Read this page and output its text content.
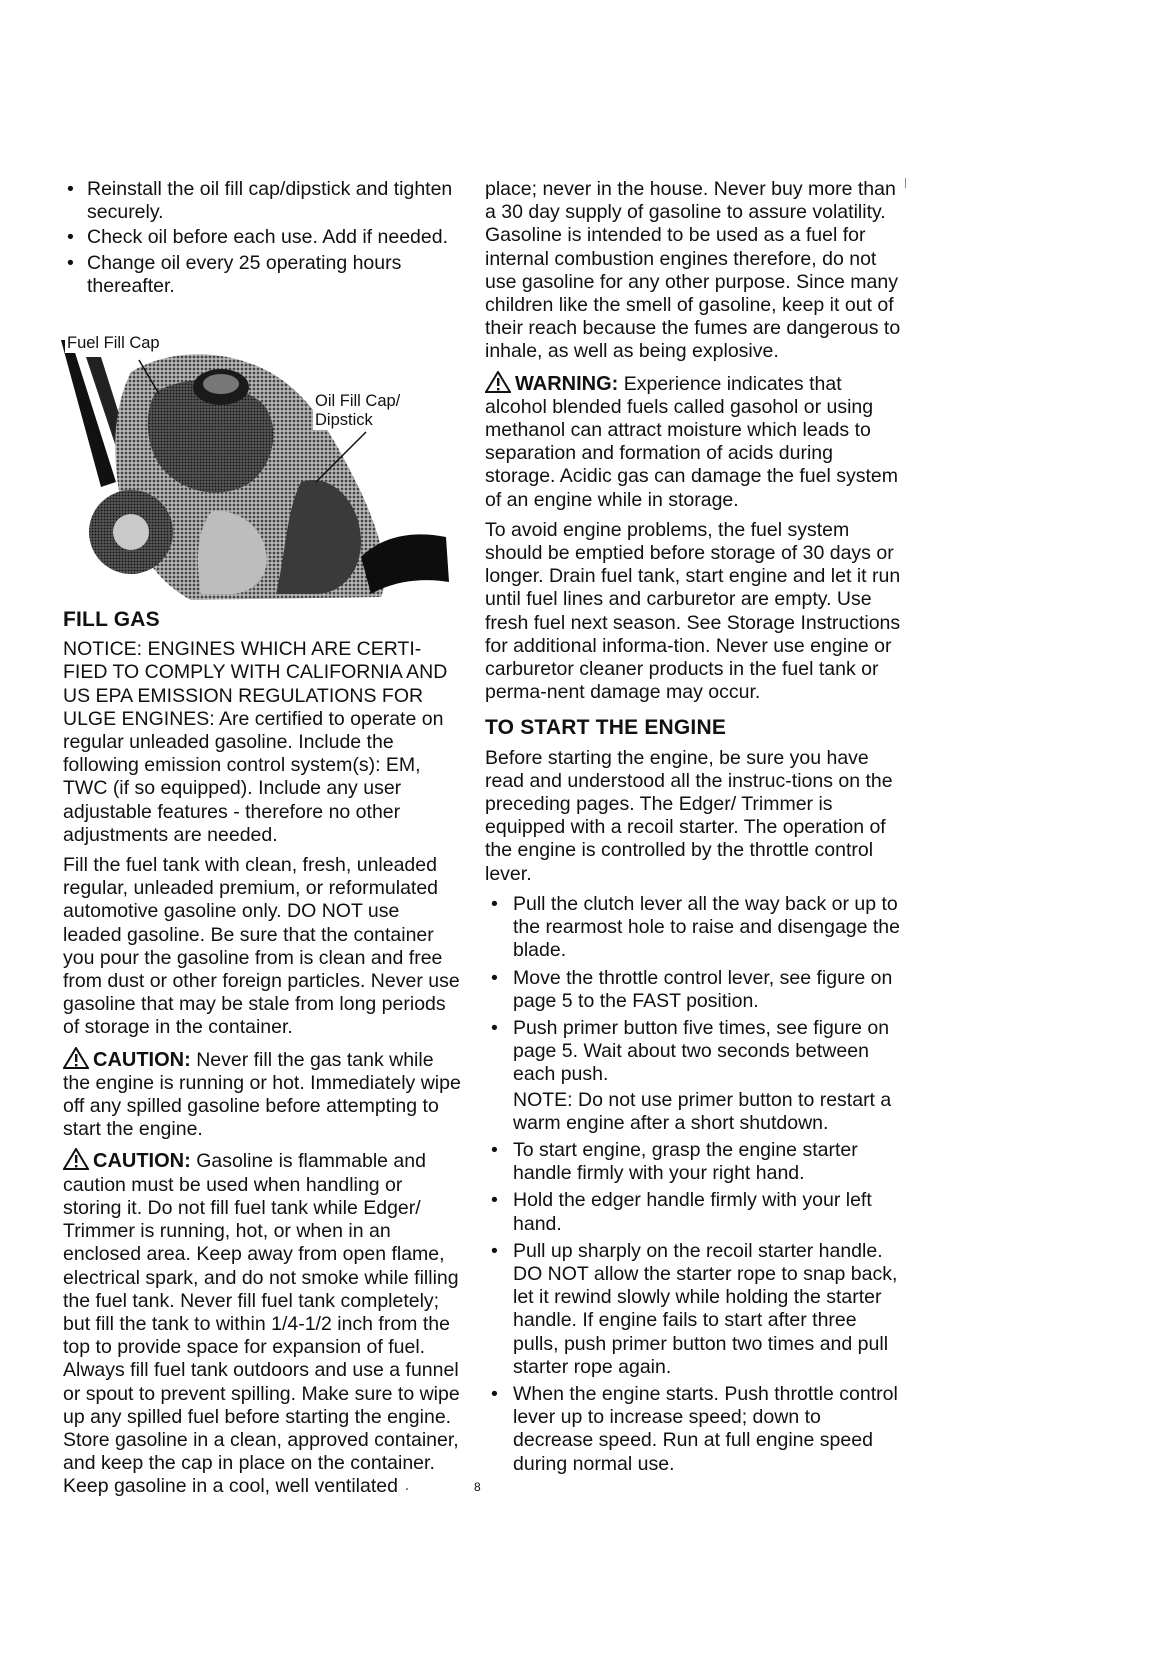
• Reinstall the oil fill cap/dipstick and tighten securely.
• Check oil before each use. Add if needed.
• Change oil every 25 operating hours thereafter.
Fuel Fill Cap
Oil Fill Cap/
Dipstick
FILL GAS

NOTICE: ENGINES WHICH ARE CERTI-FIED TO COMPLY WITH CALIFORNIA AND US EPA EMISSION REGULATIONS FOR ULGE ENGINES: Are certified to operate on regular unleaded gasoline. Include the following emission control system(s): EM, TWC (if so equipped). Include any user adjustable features - therefore no other adjustments are needed.

Fill the fuel tank with clean, fresh, unleaded regular, unleaded premium, or reformulated automotive gasoline only. DO NOT use leaded gasoline. Be sure that the container you pour the gasoline from is clean and free from dust or other foreign particles. Never use gasoline that may be stale from long periods of storage in the container.

CAUTION: Never fill the gas tank while the engine is running or hot. Immediately wipe off any spilled gasoline before attempting to start the engine.

CAUTION: Gasoline is flammable and caution must be used when handling or storing it. Do not fill fuel tank while Edger/ Trimmer is running, hot, or when in an enclosed area. Keep away from open flame, electrical spark, and do not smoke while filling the fuel tank. Never fill fuel tank completely; but fill the tank to within 1/4-1/2 inch from the top to provide space for expansion of fuel. Always fill fuel tank outdoors and use a funnel or spout to prevent spilling. Make sure to wipe up any spilled fuel before starting the engine. Store gasoline in a clean, approved container, and keep the cap in place on the container. Keep gasoline in a cool, well ventilated

place; never in the house. Never buy more than a 30 day supply of gasoline to assure volatility. Gasoline is intended to be used as a fuel for internal combustion engines therefore, do not use gasoline for any other purpose. Since many children like the smell of gasoline, keep it out of their reach because the fumes are dangerous to inhale, as well as being explosive.

WARNING: Experience indicates that alcohol blended fuels called gasohol or using methanol can attract moisture which leads to separation and formation of acids during storage. Acidic gas can damage the fuel system of an engine while in storage.

To avoid engine problems, the fuel system should be emptied before storage of 30 days or longer. Drain fuel tank, start engine and let it run until fuel lines and carburetor are empty. Use fresh fuel next season. See Storage Instructions for additional informa-tion. Never use engine or carburetor cleaner products in the fuel tank or perma-nent damage may occur.

TO START THE ENGINE

Before starting the engine, be sure you have read and understood all the instruc-tions on the preceding pages. The Edger/ Trimmer is equipped with a recoil starter. The operation of the engine is controlled by the throttle control lever.

• Pull the clutch lever all the way back or up to the rearmost hole to raise and disengage the blade.
• Move the throttle control lever, see figure on page 5 to the FAST position.
• Push primer button five times, see figure on page 5. Wait about two seconds between each push.
NOTE: Do not use primer button to restart a warm engine after a short shutdown.
• To start engine, grasp the engine starter handle firmly with your right hand.
• Hold the edger handle firmly with your left hand.
• Pull up sharply on the recoil starter handle. DO NOT allow the starter rope to snap back, let it rewind slowly while holding the starter handle. If engine fails to start after three pulls, push primer button two times and pull starter rope again.
• When the engine starts. Push throttle control lever up to increase speed; down to decrease speed. Run at full engine speed during normal use.
8
